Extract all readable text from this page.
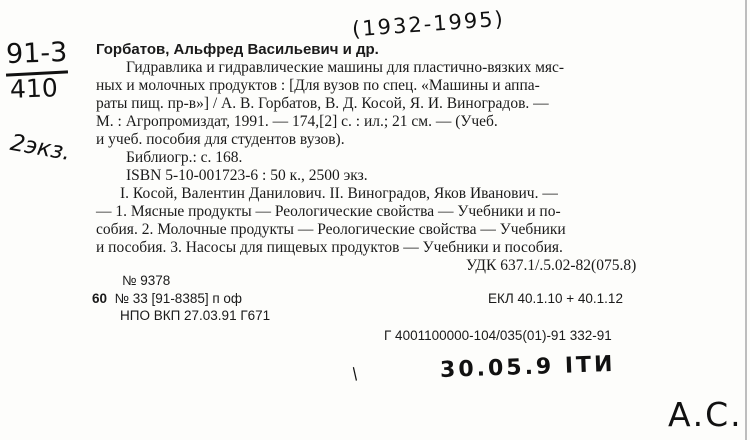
91-3
410
2экз.
(1932-1995)
/	30.05.9 ITИ
А.С.
Горбатов, Альфред Васильевич и др.
Гидравлика и гидравлические машины для пластично-вязких мяс-
ных и молочных продуктов : [Для вузов по спец. «Машины и аппа-
раты пищ. пр-в»] / А. В. Горбатов, В. Д. Косой, Я. И. Виноградов. —
М. : Агропромиздат, 1991. — 174,[2] с. : ил.; 21 см. — (Учеб.
и учеб. пособия для студентов вузов).
Библиогр.: с. 168.
ISBN 5-10-001723-6 : 50 к., 2500 экз.
I. Косой, Валентин Данилович. II. Виноградов, Яков Иванович. —
— 1. Мясные продукты — Реологические свойства — Учебники и по-
собия. 2. Молочные продукты — Реологические свойства — Учебники
и пособия. 3. Насосы для пищевых продуктов — Учебники и пособия.
УДК 637.1/.5.02-82(075.8)
№ 9378
60 № 33 [91-8385] п оф	ЕКЛ 40.1.10 + 40.1.12
НПО ВКП 27.03.91 Г671
Г 4001100000-104/035(01)-91 332-91
